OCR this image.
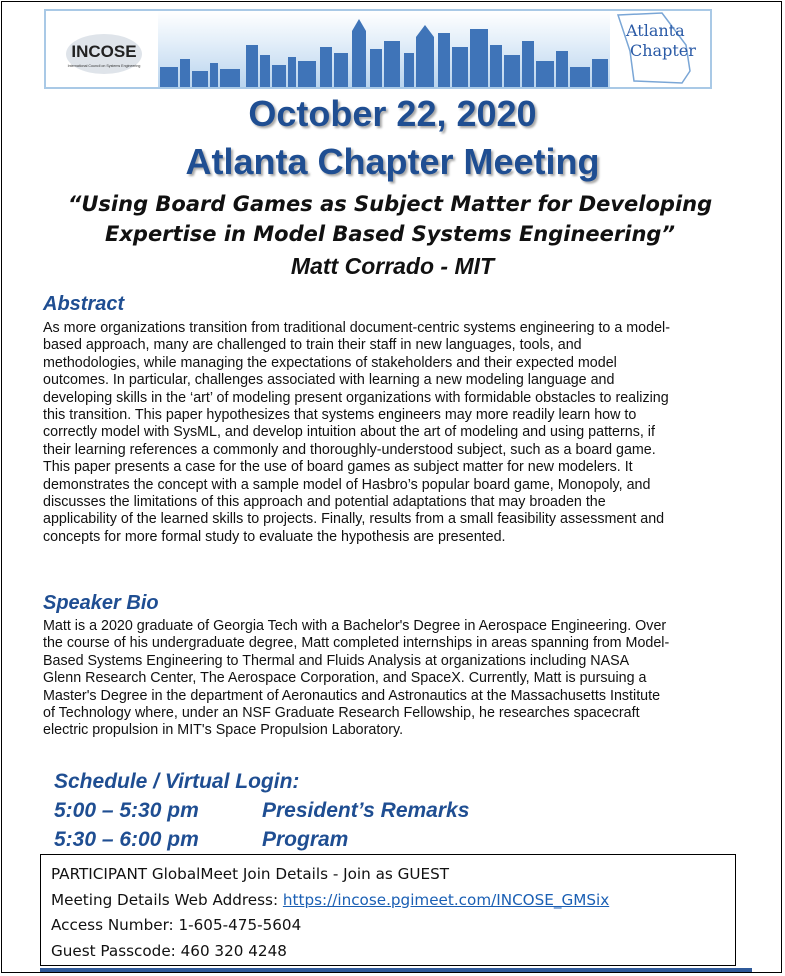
INCOSE
International Council on Systems Engineering
Atlanta
Chapter
October 22, 2020
Atlanta Chapter Meeting
“Using Board Games as Subject Matter for Developing Expertise in Model Based Systems Engineering”
Matt Corrado - MIT
Abstract
As more organizations transition from traditional document-centric systems engineering to a model-
based approach, many are challenged to train their staff in new languages, tools, and
methodologies, while managing the expectations of stakeholders and their expected model
outcomes. In particular, challenges associated with learning a new modeling language and
developing skills in the ‘art’ of modeling present organizations with formidable obstacles to realizing
this transition. This paper hypothesizes that systems engineers may more readily learn how to
correctly model with SysML, and develop intuition about the art of modeling and using patterns, if
their learning references a commonly and thoroughly-understood subject, such as a board game.
This paper presents a case for the use of board games as subject matter for new modelers. It
demonstrates the concept with a sample model of Hasbro’s popular board game, Monopoly, and
discusses the limitations of this approach and potential adaptations that may broaden the
applicability of the learned skills to projects. Finally, results from a small feasibility assessment and
concepts for more formal study to evaluate the hypothesis are presented.
Speaker Bio
Matt is a 2020 graduate of Georgia Tech with a Bachelor's Degree in Aerospace Engineering. Over
the course of his undergraduate degree, Matt completed internships in areas spanning from Model-
Based Systems Engineering to Thermal and Fluids Analysis at organizations including NASA
Glenn Research Center, The Aerospace Corporation, and SpaceX. Currently, Matt is pursuing a
Master's Degree in the department of Aeronautics and Astronautics at the Massachusetts Institute
of Technology where, under an NSF Graduate Research Fellowship, he researches spacecraft
electric propulsion in MIT's Space Propulsion Laboratory.
Schedule / Virtual Login:
5:00 – 5:30 pm	President’s Remarks
5:30 – 6:00 pm	Program
PARTICIPANT GlobalMeet Join Details - Join as GUEST
Meeting Details Web Address: https://incose.pgimeet.com/INCOSE_GMSix
Access Number: 1-605-475-5604
Guest Passcode: 460 320 4248
